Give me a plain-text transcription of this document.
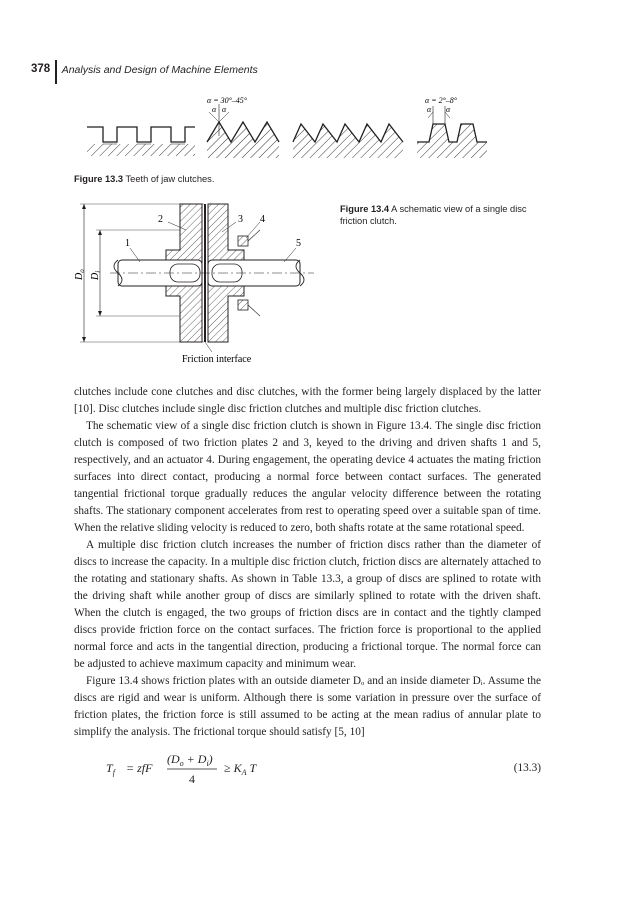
378 Analysis and Design of Machine Elements
α α
α = 30°–45°
α α
α = 2°–8°
Figure 13.3 Teeth of jaw clutches.
$D_o$
$D_i$
1
2	3 4
5
Friction interface
Figure 13.4 A schematic view of a single disc friction clutch.

clutches include cone clutches and disc clutches, with the former being largely displaced by the latter [10]. Disc clutches include single disc friction clutches and multiple disc friction clutches.

The schematic view of a single disc friction clutch is shown in Figure 13.4. The single disc friction clutch is composed of two friction plates 2 and 3, keyed to the driving and driven shafts 1 and 5, respectively, and an actuator 4. During engagement, the operating device 4 actuates the mating friction surfaces into direct contact, producing a normal force between contact surfaces. The generated tangential frictional torque gradually reduces the angular velocity difference between the rotating shafts. The stationary component accelerates from rest to operating speed over a suitable span of time. When the relative sliding velocity is reduced to zero, both shafts rotate at the same rotational speed.

A multiple disc friction clutch increases the number of friction discs rather than the diameter of discs to increase the capacity. In a multiple disc friction clutch, friction discs are alternately attached to the rotating and stationary shafts. As shown in Table 13.3, a group of discs are splined to rotate with the driving shaft while another group of discs are similarly splined to rotate with the driven shaft. When the clutch is engaged, the two groups of friction discs are in contact and the tightly clamped discs provide friction force on the contact surfaces. The friction force is proportional to the applied normal force and acts in the tangential direction, producing a frictional torque. The normal force can be adjusted to achieve maximum capacity and minimum wear.

Figure 13.4 shows friction plates with an outside diameter Dₒ and an inside diameter Dᵢ. Assume the discs are rigid and wear is uniform. Although there is some variation in pressure over the surface of friction plates, the friction force is still assumed to be acting at the mean radius of annular plate to simplify the analysis. The frictional torque should satisfy [5, 10]

$T_f$ = zfF
$(D_o + D_i)$
4
≥ $K_A$ T	(13.3)
